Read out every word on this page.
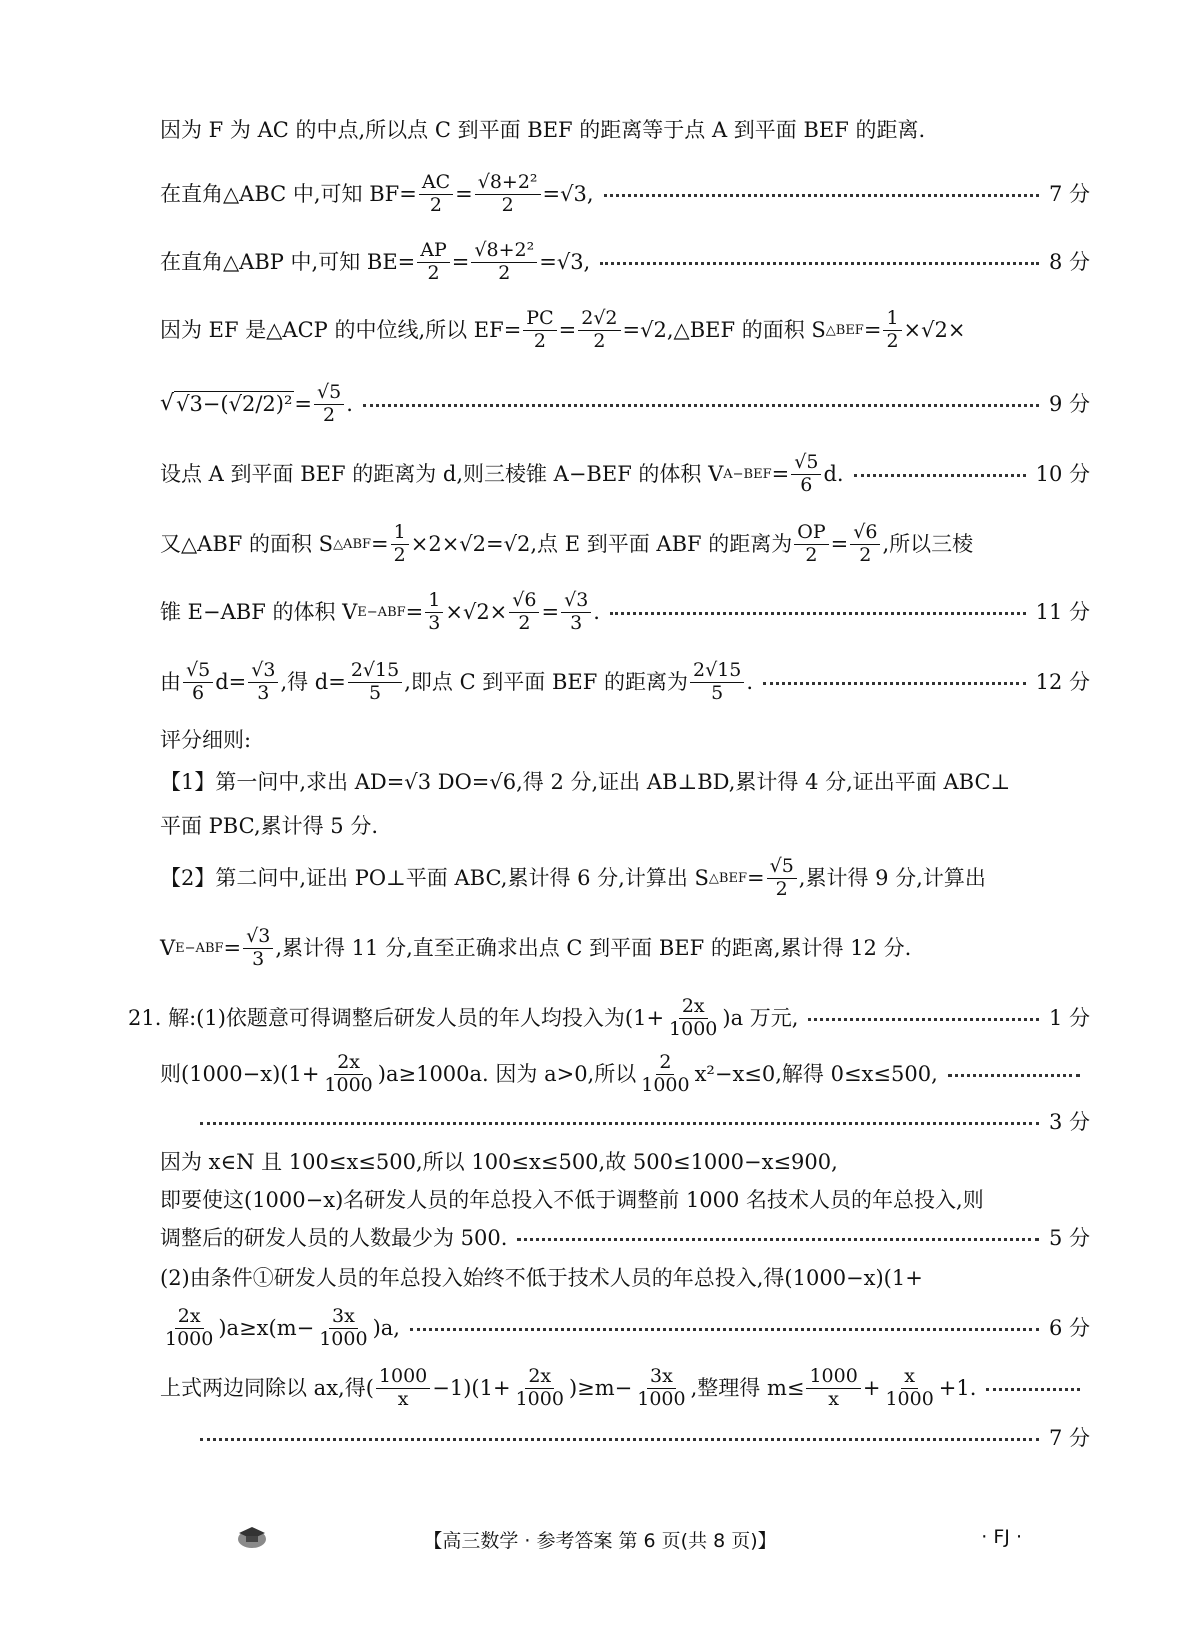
因为 F 为 AC 的中点,所以点 C 到平面 BEF 的距离等于点 A 到平面 BEF 的距离.
在直角△ABC 中,可知 $BF= \frac{AC}{2} = \frac{\text{√8+2²}}{2} =√3$,	7 分
在直角△ABP 中,可知 $BE= \frac{AP}{2} = \frac{\text{√8+2²}}{2} =√3$,	8 分
因为 EF 是△ACP 的中位线,所以 $EF= \frac{PC}{2} = \frac{2√2}{2}$ =√2,△BEF 的面积 S △BEF = $\frac{1}{2} \times√2\times$
√ $√3-(√2/2)^2 = \frac{√5}{2}$ .	9 分
设点 A 到平面 BEF 的距离为 d,则三棱锥 A−BEF 的体积 V $A-BEF = \frac{√5}{6} d$.	10 分
又△ABF 的面积 S △ABF = $\frac{1}{2} \times 2\times√2=√2$,点 E 到平面 ABF 的距离为 $\frac{OP}{2} = \frac{√6}{2}$ ,所以三棱
锥 E−ABF 的体积 V $E-ABF = \frac{1}{3} \times√2\times \frac{√6}{2} = \frac{√3}{3}$ .	11 分
由 $\frac{√5}{6} d= \frac{√3}{3}$ ,得 $d= \frac{2√15}{5}$ ,即点 C 到平面 BEF 的距离为 $\frac{2√15}{5}$ .	12 分
评分细则:
【1】第一问中,求出 AD=√3 DO=√6,得 2 分,证出 AB⊥BD,累计得 4 分,证出平面 ABC⊥
平面 PBC,累计得 5 分.
【2】第二问中,证出 PO⊥平面 ABC,累计得 6 分,计算出 S △BEF = $\frac{√5}{2}$ ,累计得 9 分,计算出
V $E-ABF = \frac{√3}{3}$ ,累计得 11 分,直至正确求出点 C 到平面 BEF 的距离,累计得 12 分.
21. 解:(1)依题意可得调整后研发人员的年人均投入为$(1+ \frac{2x}{1000} )a$ 万元,	1 分
则$(1000-x)(1+ \frac{2x}{1000} )a\ge 1000a$. 因为 a>0,所以 $\frac{2}{1000} x^2-x\le 0$,解得 0≤x≤500,
3 分
因为 x∈N 且 100≤x≤500,所以 100≤x≤500,故 500≤1000−x≤900,
即要使这(1000−x)名研发人员的年总投入不低于调整前 1000 名技术人员的年总投入,则
调整后的研发人员的人数最少为 500.	5 分
(2)由条件①研发人员的年总投入始终不低于技术人员的年总投入,得(1000−x)(1+
$\frac{2x}{1000} )a\ge x(m- \frac{3x}{1000} )a$,	6 分
上式两边同除以 ax,得( $\frac{1000}{x} -1)(1+ \frac{2x}{1000} )\ge m- \frac{3x}{1000}$ ,整理得 $m\le \frac{1000}{x} + \frac{x}{1000} +1$.
7 分
【高三数学 · 参考答案 第 6 页(共 8 页)】	· FJ ·
